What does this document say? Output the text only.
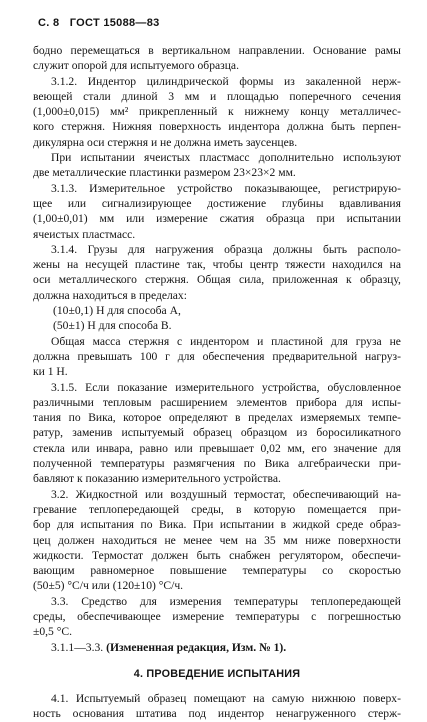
С. 8 ГОСТ 15088—83
бодно перемещаться в вертикальном направлении. Основание рамы
служит опорой для испытуемого образца.
3.1.2. Индентор цилиндрической формы из закаленной нерж-
веющей стали длиной 3 мм и площадью поперечного сечения
(1,000±0,015) мм² прикрепленный к нижнему концу металличес-
кого стержня. Нижняя поверхность индентора должна быть перпен-
дикулярна оси стержня и не должна иметь заусенцев.
При испытании ячеистых пластмасс дополнительно используют
две металлические пластинки размером 23×23×2 мм.
3.1.3. Измерительное устройство показывающее, регистрирую-
щее или сигнализирующее достижение глубины вдавливания
(1,00±0,01) мм или измерение сжатия образца при испытании
ячеистых пластмасс.
3.1.4. Грузы для нагружения образца должны быть располо-
жены на несущей пластине так, чтобы центр тяжести находился на
оси металлического стержня. Общая сила, приложенная к образцу,
должна находиться в пределах:
(10±0,1) Н для способа А,
(50±1) Н для способа В.
Общая масса стержня с индентором и пластиной для груза не
должна превышать 100 г для обеспечения предварительной нагруз-
ки 1 Н.
3.1.5. Если показание измерительного устройства, обусловленное
различными тепловым расширением элементов прибора для испы-
тания по Вика, которое определяют в пределах измеряемых темпе-
ратур, заменив испытуемый образец образцом из боросиликатного
стекла или инвара, равно или превышает 0,02 мм, его значение для
полученной температуры размягчения по Вика алгебраически при-
бавляют к показанию измерительного устройства.
3.2. Жидкостной или воздушный термостат, обеспечивающий на-
гревание теплопередающей среды, в которую помещается при-
бор для испытания по Вика. При испытании в жидкой среде образ-
цец должен находиться не менее чем на 35 мм ниже поверхности
жидкости. Термостат должен быть снабжен регулятором, обеспечи-
вающим равномерное повышение температуры со скоростью
(50±5) °С/ч или (120±10) °С/ч.
3.3. Средство для измерения температуры теплопередающей
среды, обеспечивающее измерение температуры с погрешностью
±0,5 °С.
3.1.1—3.3. (Измененная редакция, Изм. № 1).
4. ПРОВЕДЕНИЕ ИСПЫТАНИЯ
4.1. Испытуемый образец помещают на самую нижнюю поверх-
ность основания штатива под индентор ненагруженного стерж-
